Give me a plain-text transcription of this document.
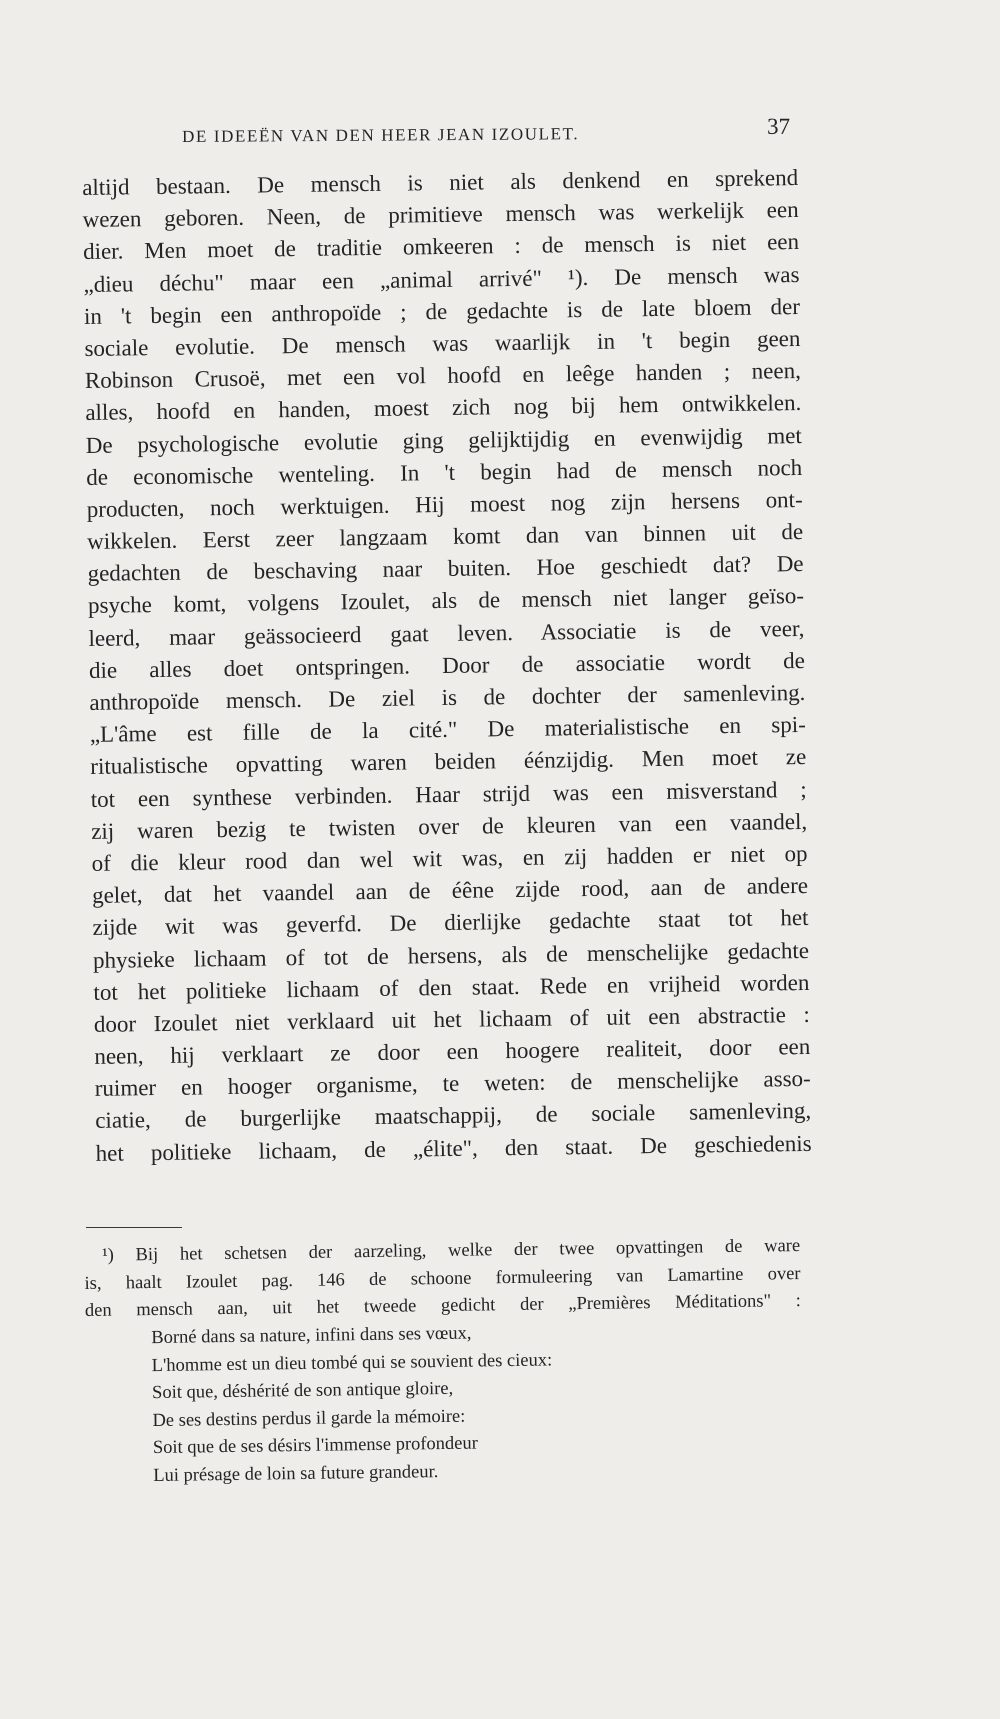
DE IDEEËN VAN DEN HEER JEAN IZOULET.	37
altijd bestaan. De mensch is niet als denkend en sprekend
wezen geboren. Neen, de primitieve mensch was werkelijk een
dier. Men moet de traditie omkeeren : de mensch is niet een
„dieu déchu" maar een „animal arrivé" ¹). De mensch was
in 't begin een anthropoïde ; de gedachte is de late bloem der
sociale evolutie. De mensch was waarlijk in 't begin geen
Robinson Crusoë, met een vol hoofd en leêge handen ; neen,
alles, hoofd en handen, moest zich nog bij hem ontwikkelen.
De psychologische evolutie ging gelijktijdig en evenwijdig met
de economische wenteling. In 't begin had de mensch noch
producten, noch werktuigen. Hij moest nog zijn hersens ont-
wikkelen. Eerst zeer langzaam komt dan van binnen uit de
gedachten de beschaving naar buiten. Hoe geschiedt dat? De
psyche komt, volgens Izoulet, als de mensch niet langer geïso-
leerd, maar geässocieerd gaat leven. Associatie is de veer,
die alles doet ontspringen. Door de associatie wordt de
anthropoïde mensch. De ziel is de dochter der samenleving.
„L'âme est fille de la cité." De materialistische en spi-
ritualistische opvatting waren beiden éénzijdig. Men moet ze
tot een synthese verbinden. Haar strijd was een misverstand ;
zij waren bezig te twisten over de kleuren van een vaandel,
of die kleur rood dan wel wit was, en zij hadden er niet op
gelet, dat het vaandel aan de éêne zijde rood, aan de andere
zijde wit was geverfd. De dierlijke gedachte staat tot het
physieke lichaam of tot de hersens, als de menschelijke gedachte
tot het politieke lichaam of den staat. Rede en vrijheid worden
door Izoulet niet verklaard uit het lichaam of uit een abstractie :
neen, hij verklaart ze door een hoogere realiteit, door een
ruimer en hooger organisme, te weten: de menschelijke asso-
ciatie, de burgerlijke maatschappij, de sociale samenleving,
het politieke lichaam, de „élite", den staat. De geschiedenis
¹) Bij het schetsen der aarzeling, welke der twee opvattingen de ware
is, haalt Izoulet pag. 146 de schoone formuleering van Lamartine over
den mensch aan, uit het tweede gedicht der „Premières Méditations" :
Borné dans sa nature, infini dans ses vœux,
L'homme est un dieu tombé qui se souvient des cieux:
Soit que, déshérité de son antique gloire,
De ses destins perdus il garde la mémoire:
Soit que de ses désirs l'immense profondeur
Lui présage de loin sa future grandeur.
